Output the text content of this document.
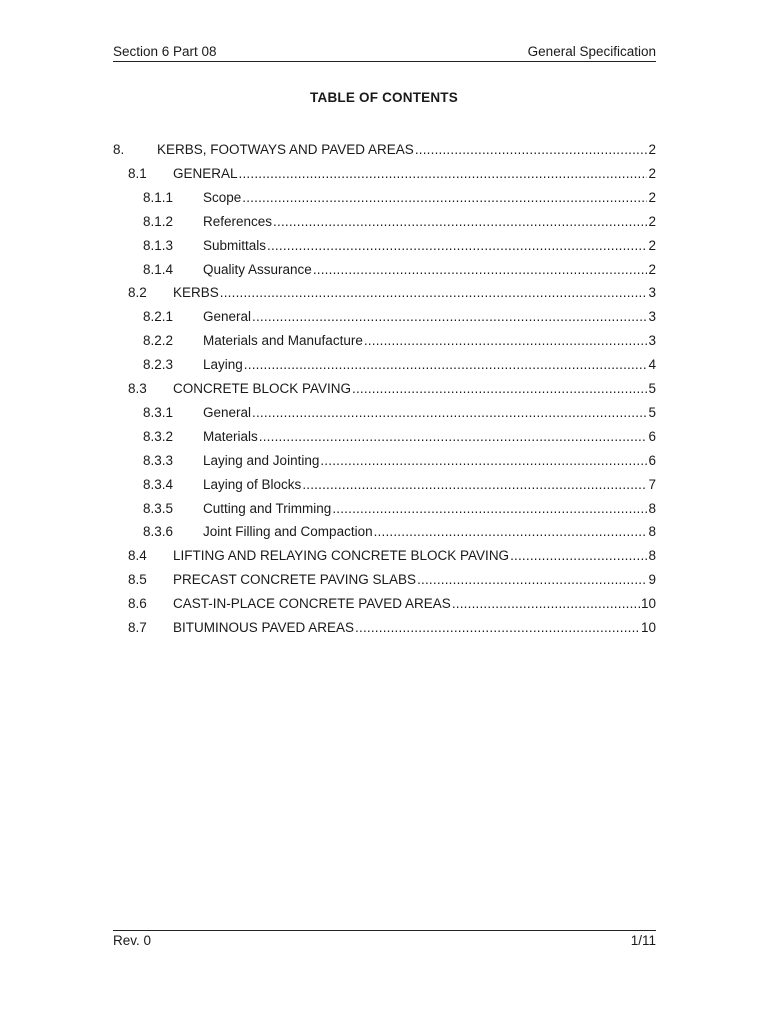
Section 6 Part 08	General Specification
TABLE OF CONTENTS
8. KERBS, FOOTWAYS AND PAVED AREAS .....	2
8.1 GENERAL .....	2
8.1.1 Scope .....	2
8.1.2 References .....	2
8.1.3 Submittals .....	2
8.1.4 Quality Assurance .....	2
8.2 KERBS .....	3
8.2.1 General .....	3
8.2.2 Materials and Manufacture .....	3
8.2.3 Laying .....	4
8.3 CONCRETE BLOCK PAVING .....	5
8.3.1 General .....	5
8.3.2 Materials .....	6
8.3.3 Laying and Jointing .....	6
8.3.4 Laying of Blocks .....	7
8.3.5 Cutting and Trimming .....	8
8.3.6 Joint Filling and Compaction .....	8
8.4 LIFTING AND RELAYING CONCRETE BLOCK PAVING .....	8
8.5 PRECAST CONCRETE PAVING SLABS .....	9
8.6 CAST-IN-PLACE CONCRETE PAVED AREAS .....	10
8.7 BITUMINOUS PAVED AREAS .....	10
Rev. 0	1/11
